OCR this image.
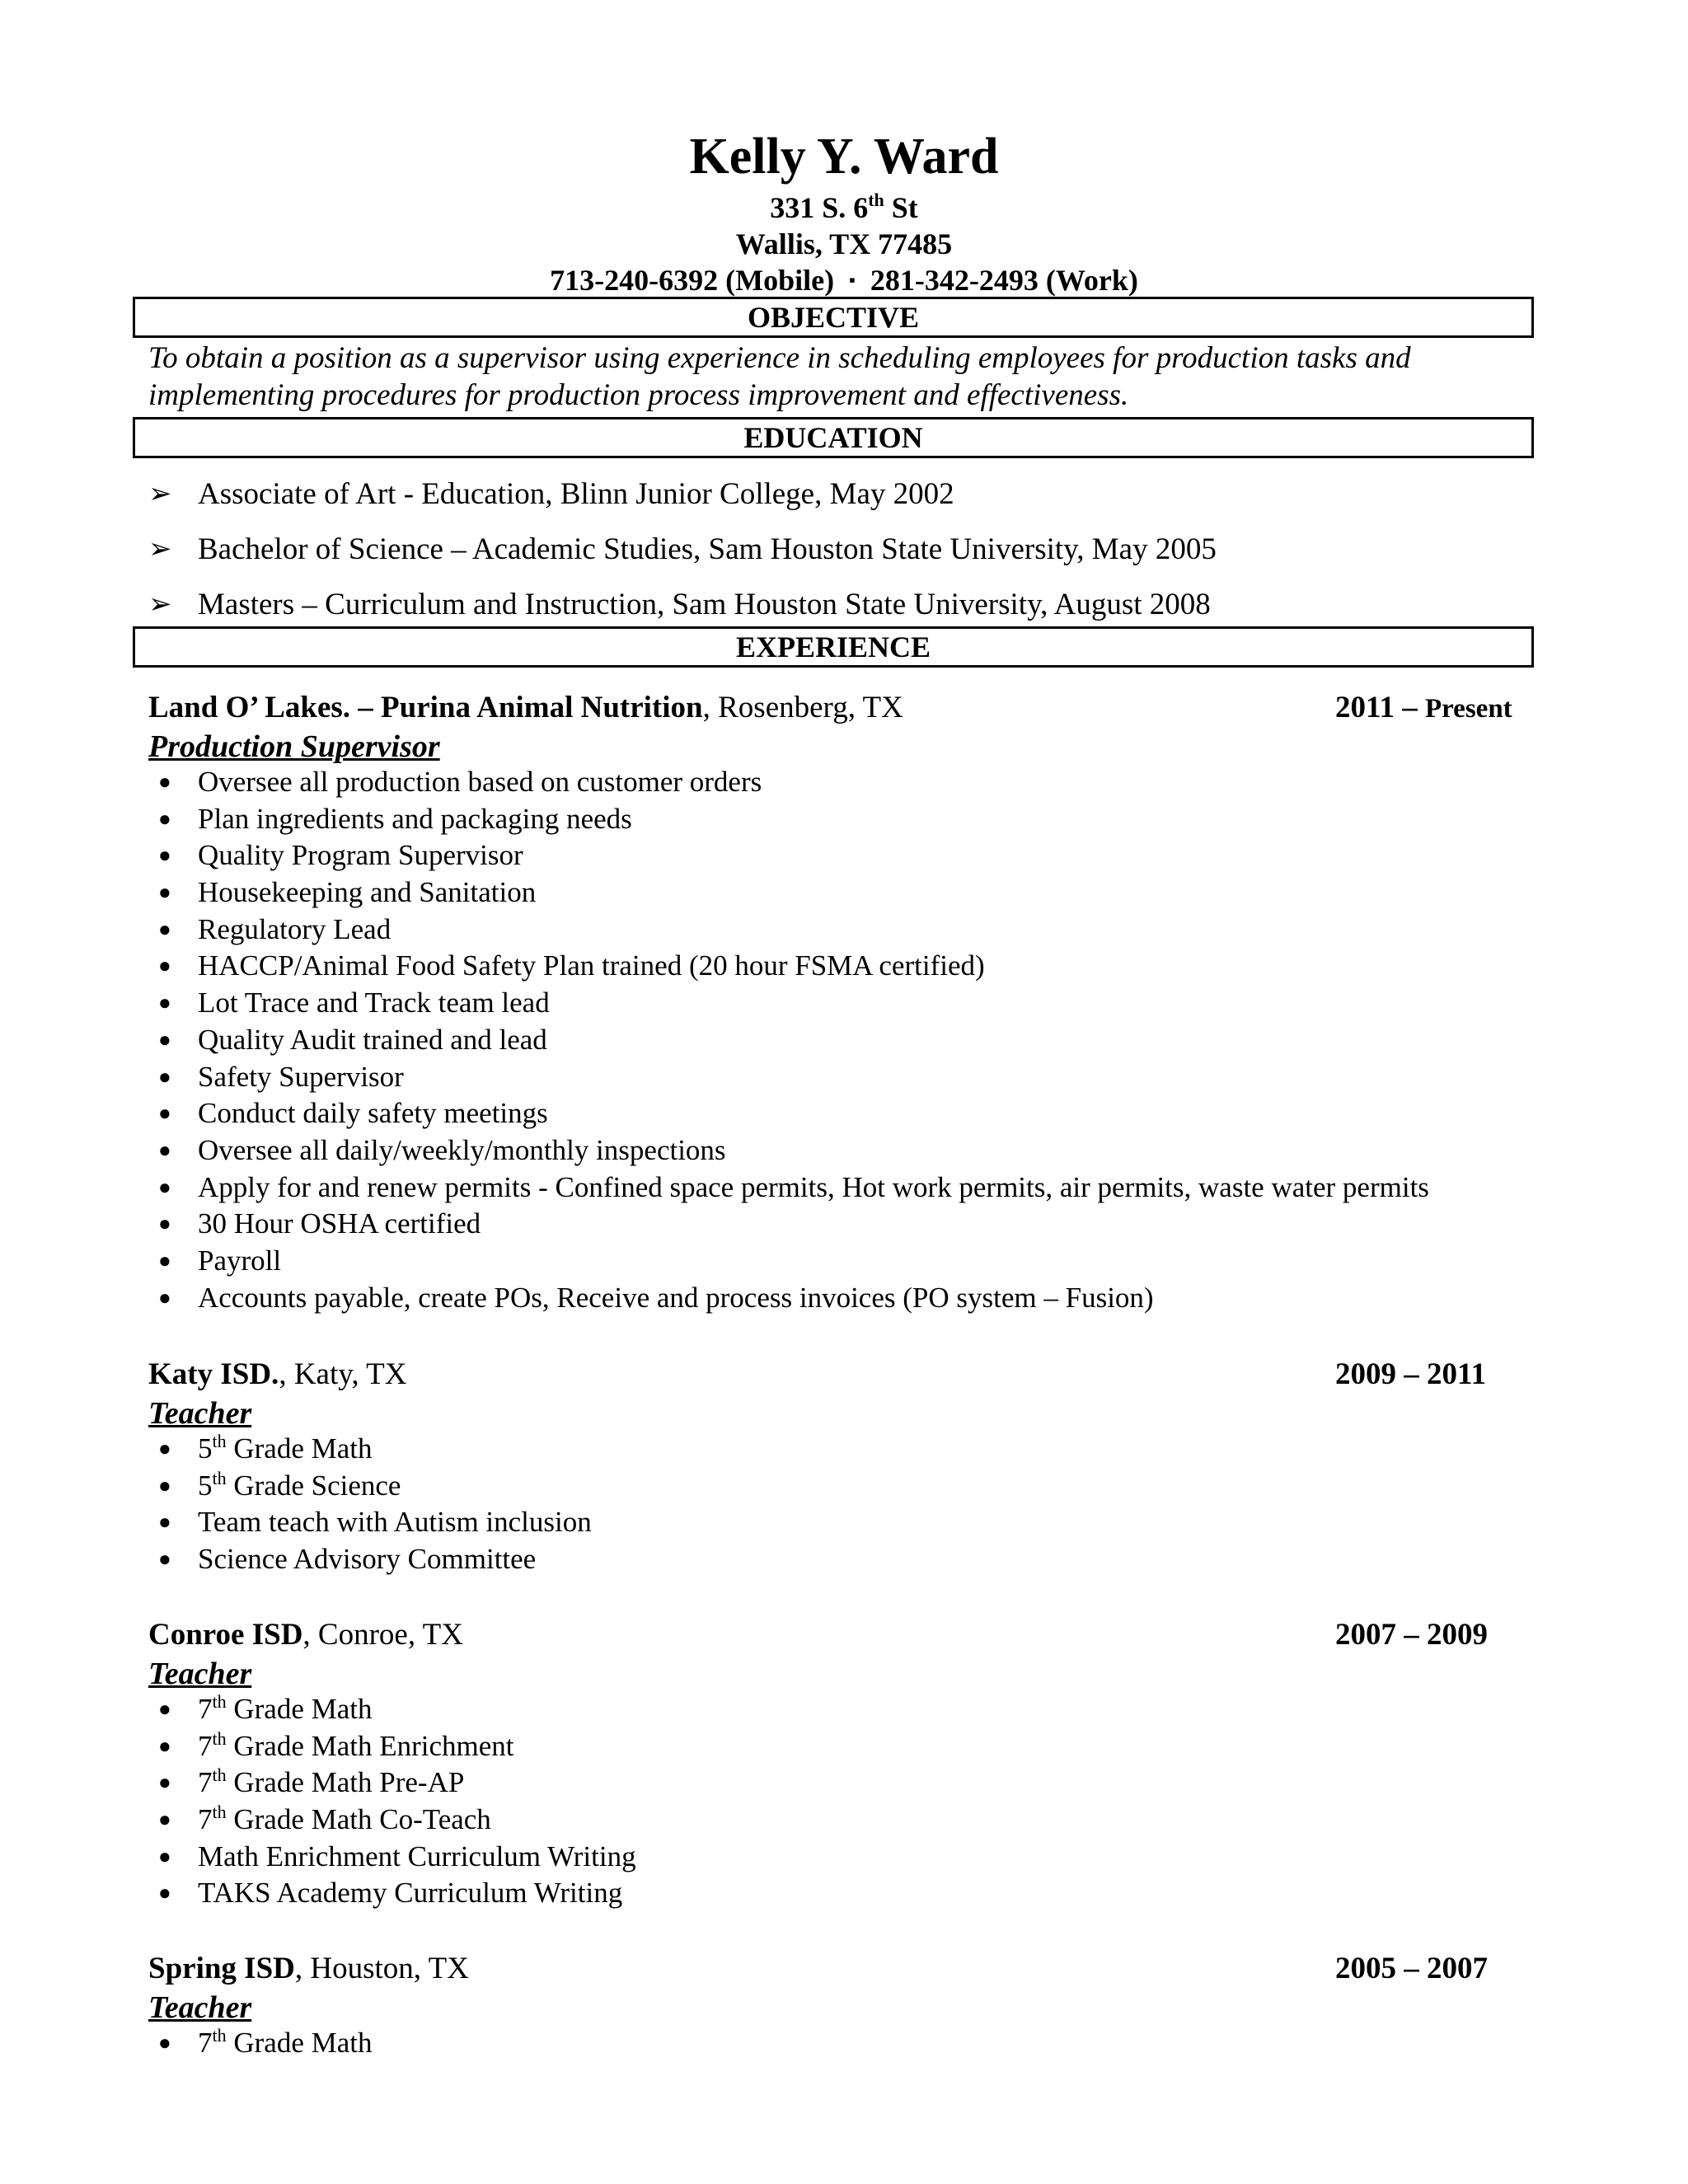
Kelly Y. Ward
331 S. 6th St
Wallis, TX 77485
713-240-6392 (Mobile) ▪ 281-342-2493 (Work)
OBJECTIVE
To obtain a position as a supervisor using experience in scheduling employees for production tasks and implementing procedures for production process improvement and effectiveness.
EDUCATION
➢ Associate of Art - Education, Blinn Junior College, May 2002
➢ Bachelor of Science – Academic Studies, Sam Houston State University, May 2005
➢ Masters – Curriculum and Instruction, Sam Houston State University, August 2008
EXPERIENCE
Land O’ Lakes. – Purina Animal Nutrition, Rosenberg, TX	2011 – Present
Production Supervisor
● Oversee all production based on customer orders
● Plan ingredients and packaging needs
● Quality Program Supervisor
● Housekeeping and Sanitation
● Regulatory Lead
● HACCP/Animal Food Safety Plan trained (20 hour FSMA certified)
● Lot Trace and Track team lead
● Quality Audit trained and lead
● Safety Supervisor
● Conduct daily safety meetings
● Oversee all daily/weekly/monthly inspections
● Apply for and renew permits - Confined space permits, Hot work permits, air permits, waste water permits
● 30 Hour OSHA certified
● Payroll
● Accounts payable, create POs, Receive and process invoices (PO system – Fusion)
Katy ISD., Katy, TX	2009 – 2011
Teacher
● 5th Grade Math
● 5th Grade Science
● Team teach with Autism inclusion
● Science Advisory Committee
Conroe ISD, Conroe, TX	2007 – 2009
Teacher
● 7th Grade Math
● 7th Grade Math Enrichment
● 7th Grade Math Pre-AP
● 7th Grade Math Co-Teach
● Math Enrichment Curriculum Writing
● TAKS Academy Curriculum Writing
Spring ISD, Houston, TX	2005 – 2007
Teacher
● 7th Grade Math
